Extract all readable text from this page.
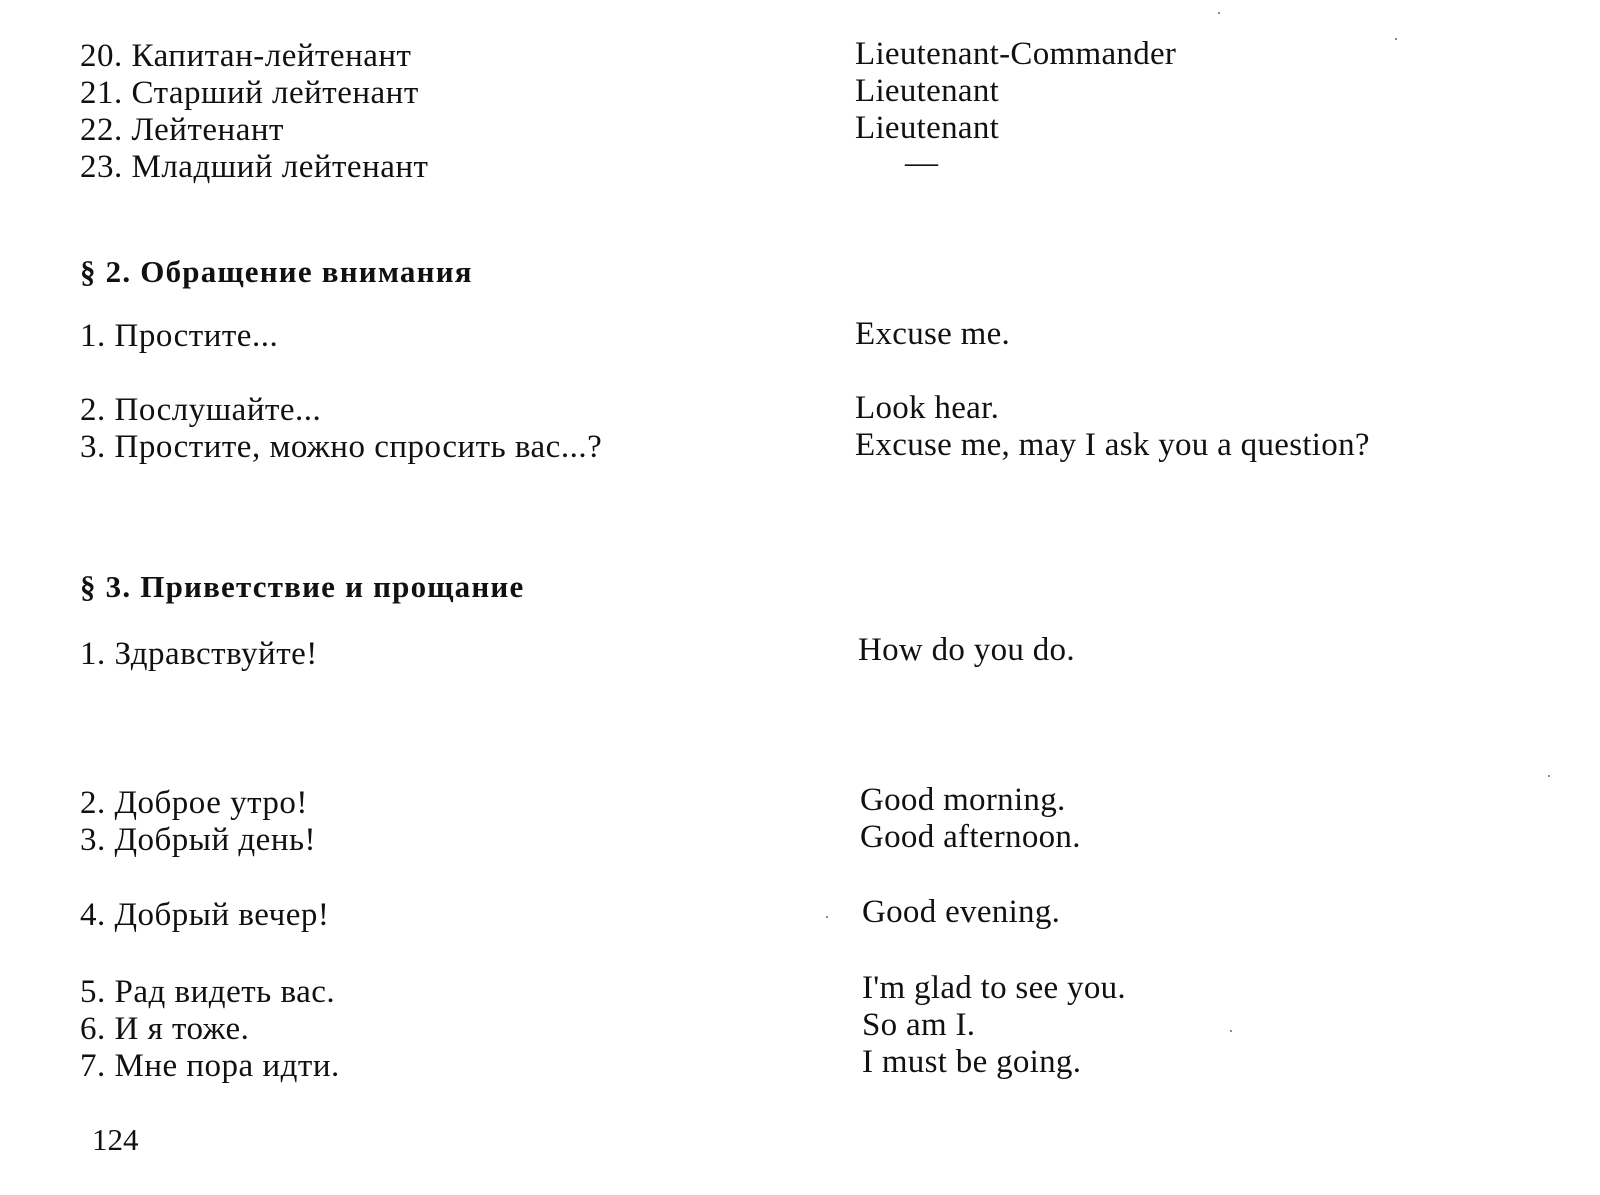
20. Капитан-лейтенант	Lieutenant-Commander
21. Старший лейтенант	Lieutenant
22. Лейтенант	Lieutenant
23. Младший лейтенант	—
§ 2. Обращение внимания
1. Простите...	Excuse me.
2. Послушайте...	Look hear.
3. Простите, можно спросить вас...?	Excuse me, may I ask you a question?
§ 3. Приветствие и прощание
1. Здравствуйте!	How do you do.
2. Доброе утро!	Good morning.
3. Добрый день!	Good afternoon.
4. Добрый вечер!	Good evening.
5. Рад видеть вас.	I'm glad to see you.
6. И я тоже.	So am I.
7. Мне пора идти.	I must be going.
124
